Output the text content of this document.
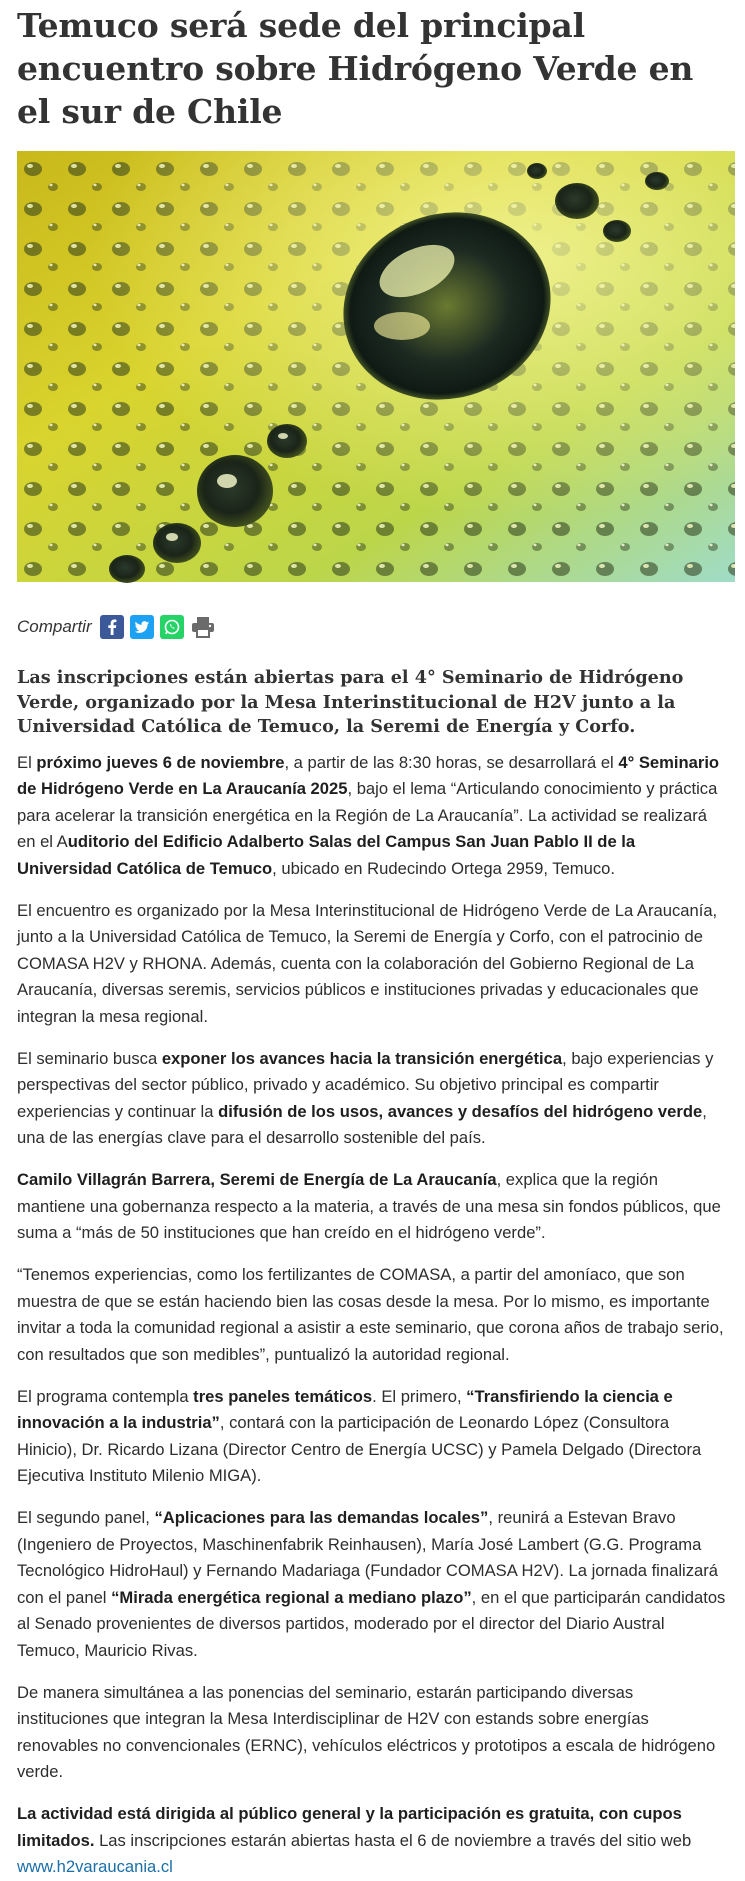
Temuco será sede del principal encuentro sobre Hidrógeno Verde en el sur de Chile
Compartir
Las inscripciones están abiertas para el 4° Seminario de Hidrógeno Verde, organizado por la Mesa Interinstitucional de H2V junto a la Universidad Católica de Temuco, la Seremi de Energía y Corfo.

El próximo jueves 6 de noviembre, a partir de las 8:30 horas, se desarrollará el 4° Seminario de Hidrógeno Verde en La Araucanía 2025, bajo el lema “Articulando conocimiento y práctica para acelerar la transición energética en la Región de La Araucanía”. La actividad se realizará en el Auditorio del Edificio Adalberto Salas del Campus San Juan Pablo II de la Universidad Católica de Temuco, ubicado en Rudecindo Ortega 2959, Temuco.

El encuentro es organizado por la Mesa Interinstitucional de Hidrógeno Verde de La Araucanía, junto a la Universidad Católica de Temuco, la Seremi de Energía y Corfo, con el patrocinio de COMASA H2V y RHONA. Además, cuenta con la colaboración del Gobierno Regional de La Araucanía, diversas seremis, servicios públicos e instituciones privadas y educacionales que integran la mesa regional.

El seminario busca exponer los avances hacia la transición energética, bajo experiencias y perspectivas del sector público, privado y académico. Su objetivo principal es compartir experiencias y continuar la difusión de los usos, avances y desafíos del hidrógeno verde, una de las energías clave para el desarrollo sostenible del país.

Camilo Villagrán Barrera, Seremi de Energía de La Araucanía, explica que la región mantiene una gobernanza respecto a la materia, a través de una mesa sin fondos públicos, que suma a “más de 50 instituciones que han creído en el hidrógeno verde”.

“Tenemos experiencias, como los fertilizantes de COMASA, a partir del amoníaco, que son muestra de que se están haciendo bien las cosas desde la mesa. Por lo mismo, es importante invitar a toda la comunidad regional a asistir a este seminario, que corona años de trabajo serio, con resultados que son medibles”, puntualizó la autoridad regional.

El programa contempla tres paneles temáticos. El primero, “Transfiriendo la ciencia e innovación a la industria”, contará con la participación de Leonardo López (Consultora Hinicio), Dr. Ricardo Lizana (Director Centro de Energía UCSC) y Pamela Delgado (Directora Ejecutiva Instituto Milenio MIGA).

El segundo panel, “Aplicaciones para las demandas locales”, reunirá a Estevan Bravo (Ingeniero de Proyectos, Maschinenfabrik Reinhausen), María José Lambert (G.G. Programa Tecnológico HidroHaul) y Fernando Madariaga (Fundador COMASA H2V). La jornada finalizará con el panel “Mirada energética regional a mediano plazo”, en el que participarán candidatos al Senado provenientes de diversos partidos, moderado por el director del Diario Austral Temuco, Mauricio Rivas.

De manera simultánea a las ponencias del seminario, estarán participando diversas instituciones que integran la Mesa Interdisciplinar de H2V con estands sobre energías renovables no convencionales (ERNC), vehículos eléctricos y prototipos a escala de hidrógeno verde.

La actividad está dirigida al público general y la participación es gratuita, con cupos limitados. Las inscripciones estarán abiertas hasta el 6 de noviembre a través del sitio web www.h2varaucania.cl
